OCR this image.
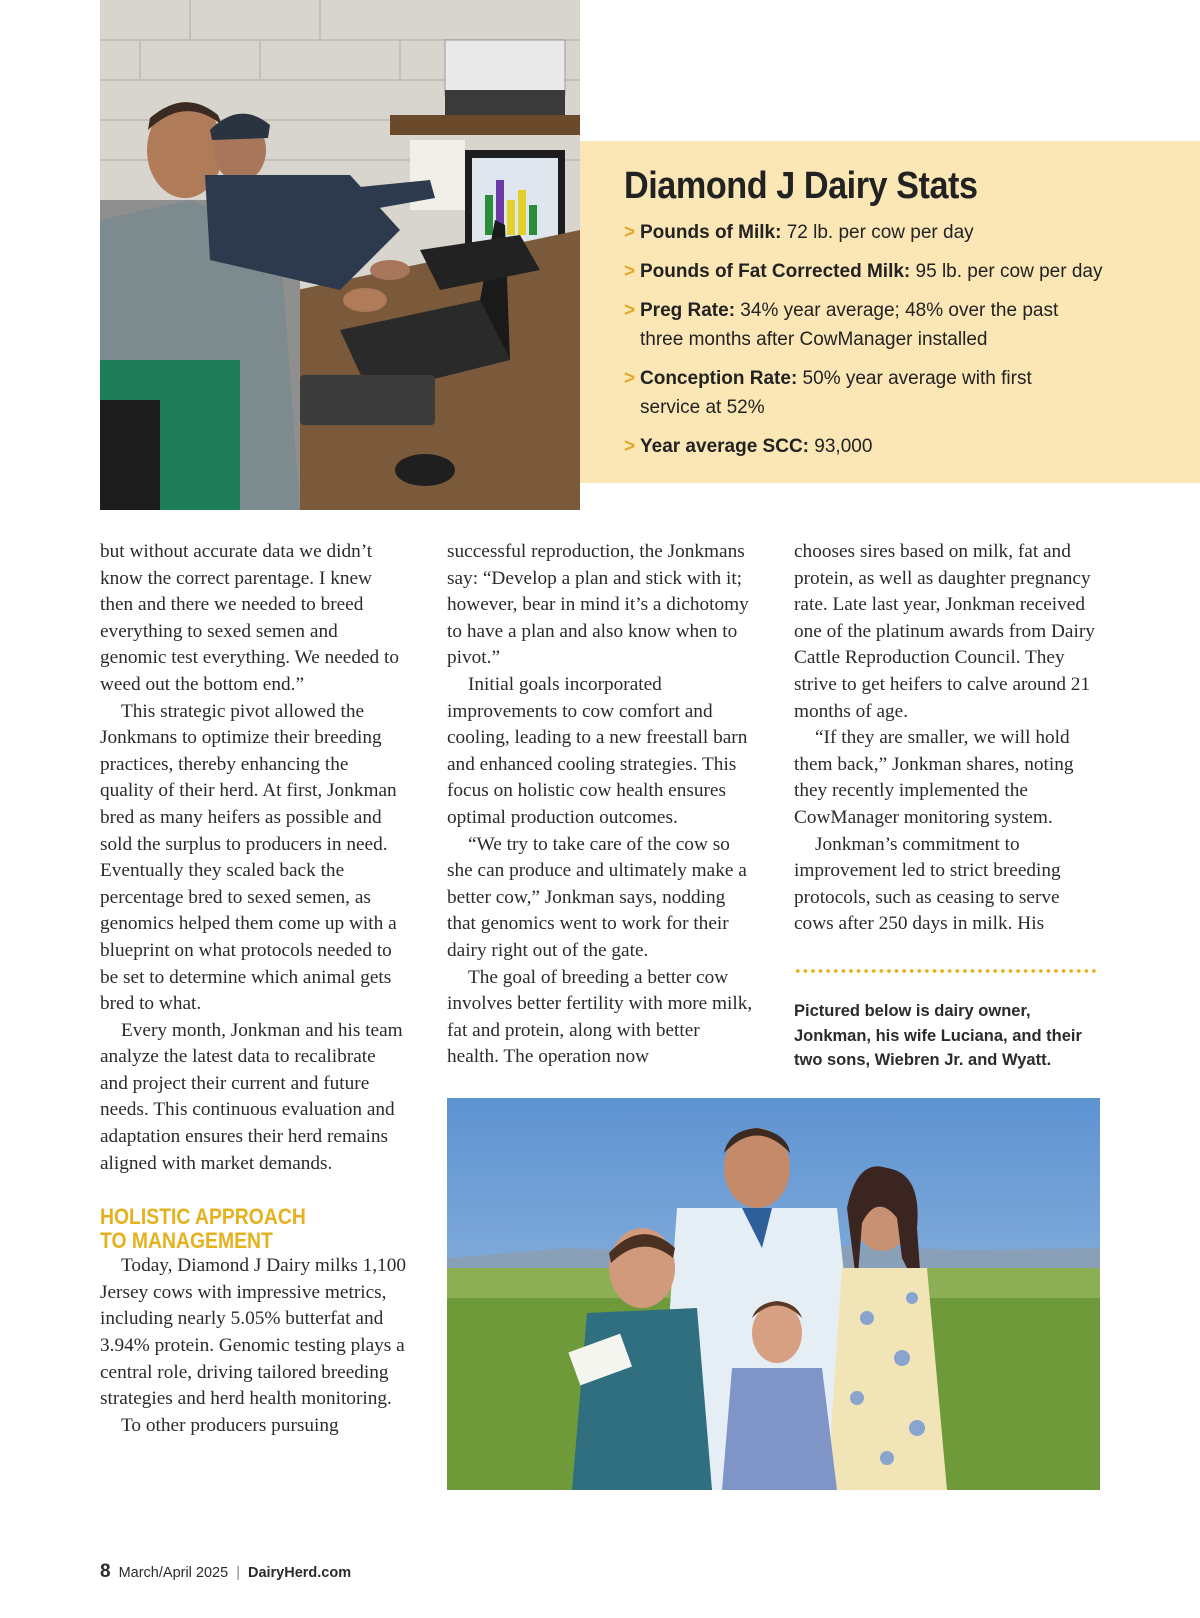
Diamond J Dairy Stats
> Pounds of Milk: 72 lb. per cow per day
> Pounds of Fat Corrected Milk: 95 lb. per cow per day
> Preg Rate: 34% year average; 48% over the past three months after CowManager installed
> Conception Rate: 50% year average with first service at 52%
> Year average SCC: 93,000

but without accurate data we didn’t know the correct parentage. I knew then and there we needed to breed everything to sexed semen and genomic test everything. We needed to weed out the bottom end.”

This strategic pivot allowed the Jonkmans to optimize their breeding practices, thereby enhancing the quality of their herd. At first, Jonkman bred as many heifers as possible and sold the surplus to producers in need. Eventually they scaled back the percentage bred to sexed semen, as genomics helped them come up with a blueprint on what protocols needed to be set to determine which animal gets bred to what.

Every month, Jonkman and his team analyze the latest data to recalibrate and project their current and future needs. This continuous evaluation and adaptation ensures their herd remains aligned with market demands.

HOLISTIC APPROACH
TO MANAGEMENT

Today, Diamond J Dairy milks 1,100 Jersey cows with impressive metrics, including nearly 5.05% butterfat and 3.94% protein. Genomic testing plays a central role, driving tailored breeding strategies and herd health monitoring.

To other producers pursuing

successful reproduction, the Jonkmans say: “Develop a plan and stick with it; however, bear in mind it’s a dichotomy to have a plan and also know when to pivot.”

Initial goals incorporated improvements to cow comfort and cooling, leading to a new freestall barn and enhanced cooling strategies. This focus on holistic cow health ensures optimal production outcomes.

“We try to take care of the cow so she can produce and ultimately make a better cow,” Jonkman says, nodding that genomics went to work for their dairy right out of the gate.

The goal of breeding a better cow involves better fertility with more milk, fat and protein, along with better health. The operation now

chooses sires based on milk, fat and protein, as well as daughter pregnancy rate. Late last year, Jonkman received one of the platinum awards from Dairy Cattle Reproduction Council. They strive to get heifers to calve around 21 months of age.

“If they are smaller, we will hold them back,” Jonkman shares, noting they recently implemented the CowManager monitoring system.

Jonkman’s commitment to improvement led to strict breeding protocols, such as ceasing to serve cows after 250 days in milk. His

Pictured below is dairy owner, Jonkman, his wife Luciana, and their two sons, Wiebren Jr. and Wyatt.
8 March/April 2025 | DairyHerd.com
